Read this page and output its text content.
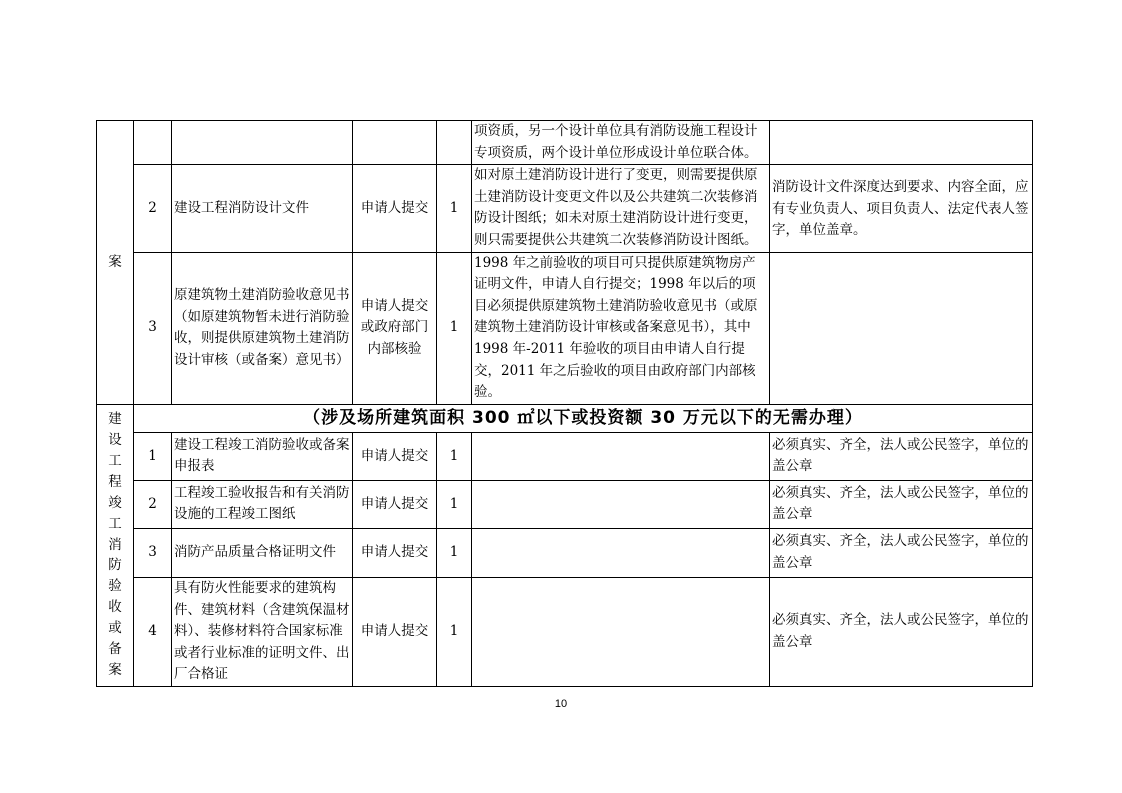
案					项资质，另一个设计单位具有消防设施工程设计专项资质，两个设计单位形成设计单位联合体。	
	2	建设工程消防设计文件	申请人提交	1	如对原土建消防设计进行了变更，则需要提供原土建消防设计变更文件以及公共建筑二次装修消防设计图纸；如未对原土建消防设计进行变更，则只需要提供公共建筑二次装修消防设计图纸。	消防设计文件深度达到要求、内容全面，应有专业负责人、项目负责人、法定代表人签字，单位盖章。
	3	原建筑物土建消防验收意见书（如原建筑物暂未进行消防验收，则提供原建筑物土建消防设计审核（或备案）意见书）	申请人提交或政府部门内部核验	1	1998 年之前验收的项目可只提供原建筑物房产证明文件，申请人自行提交；1998 年以后的项目必须提供原建筑物土建消防验收意见书（或原建筑物土建消防设计审核或备案意见书），其中1998 年-2011 年验收的项目由申请人自行提交，2011 年之后验收的项目由政府部门内部核验。	
建设工程竣工消防验收或备案	（涉及场所建筑面积 300 ㎡以下或投资额 30 万元以下的无需办理）					
	1	建设工程竣工消防验收或备案申报表	申请人提交	1		必须真实、齐全，法人或公民签字，单位的盖公章
	2	工程竣工验收报告和有关消防设施的工程竣工图纸	申请人提交	1		必须真实、齐全，法人或公民签字，单位的盖公章
	3	消防产品质量合格证明文件	申请人提交	1		必须真实、齐全，法人或公民签字，单位的盖公章
	4	具有防火性能要求的建筑构件、建筑材料（含建筑保温材料）、装修材料符合国家标准或者行业标准的证明文件、出厂合格证	申请人提交	1		必须真实、齐全，法人或公民签字，单位的盖公章
10
